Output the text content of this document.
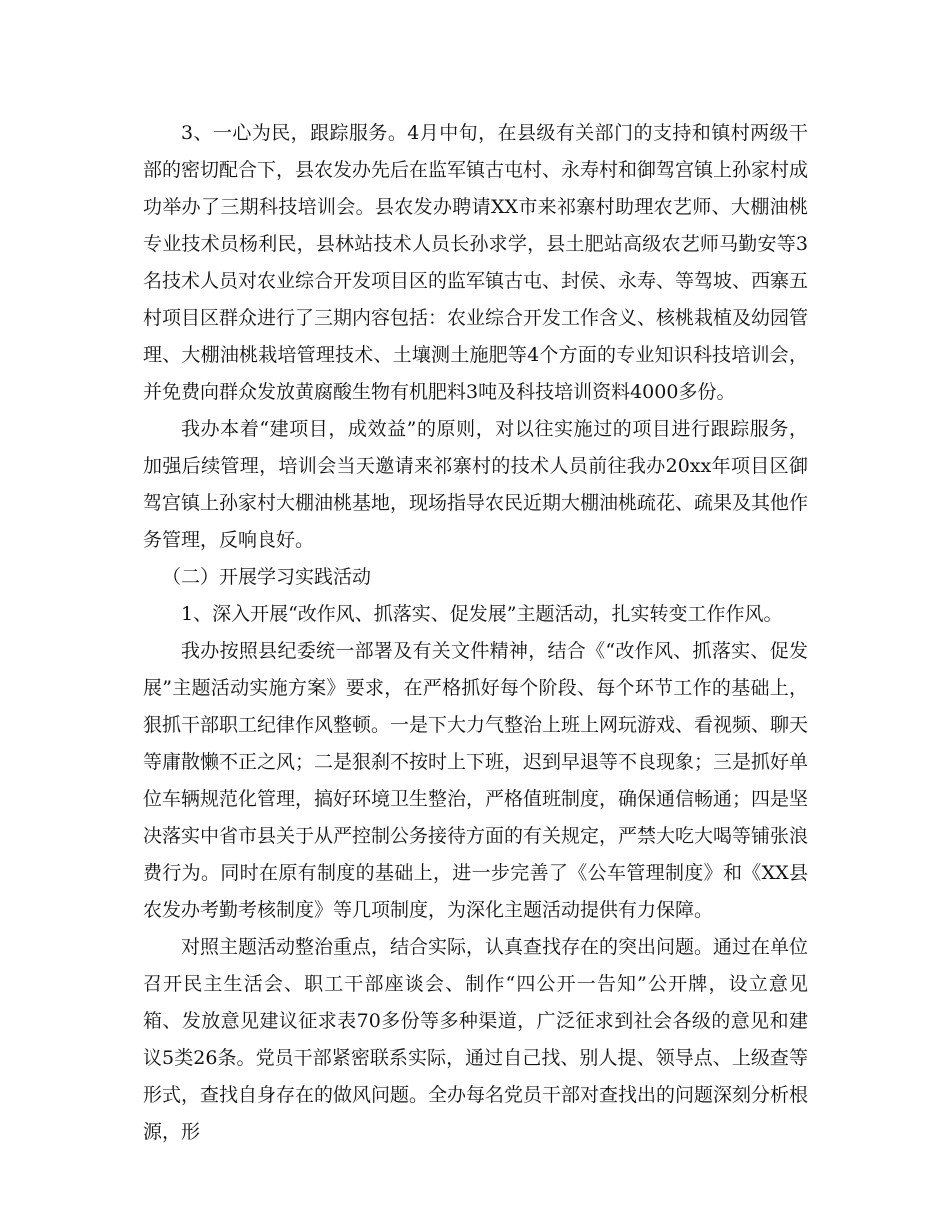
3、一心为民，跟踪服务。4月中旬，在县级有关部门的支持和镇村两级干部的密切配合下，县农发办先后在监军镇古屯村、永寿村和御驾宫镇上孙家村成功举办了三期科技培训会。县农发办聘请XX市来祁寨村助理农艺师、大棚油桃专业技术员杨利民，县林站技术人员长孙求学，县土肥站高级农艺师马勤安等3名技术人员对农业综合开发项目区的监军镇古屯、封侯、永寿、等驾坡、西寨五村项目区群众进行了三期内容包括：农业综合开发工作含义、核桃栽植及幼园管理、大棚油桃栽培管理技术、土壤测土施肥等4个方面的专业知识科技培训会，并免费向群众发放黄腐酸生物有机肥料3吨及科技培训资料4000多份。

我办本着“建项目，成效益”的原则，对以往实施过的项目进行跟踪服务，加强后续管理，培训会当天邀请来祁寨村的技术人员前往我办20xx年项目区御驾宫镇上孙家村大棚油桃基地，现场指导农民近期大棚油桃疏花、疏果及其他作务管理，反响良好。

（二）开展学习实践活动

1、深入开展“改作风、抓落实、促发展”主题活动，扎实转变工作作风。

我办按照县纪委统一部署及有关文件精神，结合《“改作风、抓落实、促发展”主题活动实施方案》要求，在严格抓好每个阶段、每个环节工作的基础上，狠抓干部职工纪律作风整顿。一是下大力气整治上班上网玩游戏、看视频、聊天等庸散懒不正之风；二是狠刹不按时上下班，迟到早退等不良现象；三是抓好单位车辆规范化管理，搞好环境卫生整治，严格值班制度，确保通信畅通；四是坚决落实中省市县关于从严控制公务接待方面的有关规定，严禁大吃大喝等铺张浪费行为。同时在原有制度的基础上，进一步完善了《公车管理制度》和《XX县农发办考勤考核制度》等几项制度，为深化主题活动提供有力保障。

对照主题活动整治重点，结合实际，认真查找存在的突出问题。通过在单位召开民主生活会、职工干部座谈会、制作“四公开一告知”公开牌，设立意见箱、发放意见建议征求表70多份等多种渠道，广泛征求到社会各级的意见和建议5类26条。党员干部紧密联系实际，通过自己找、别人提、领导点、上级查等形式，查找自身存在的做风问题。全办每名党员干部对查找出的问题深刻分析根源，形
